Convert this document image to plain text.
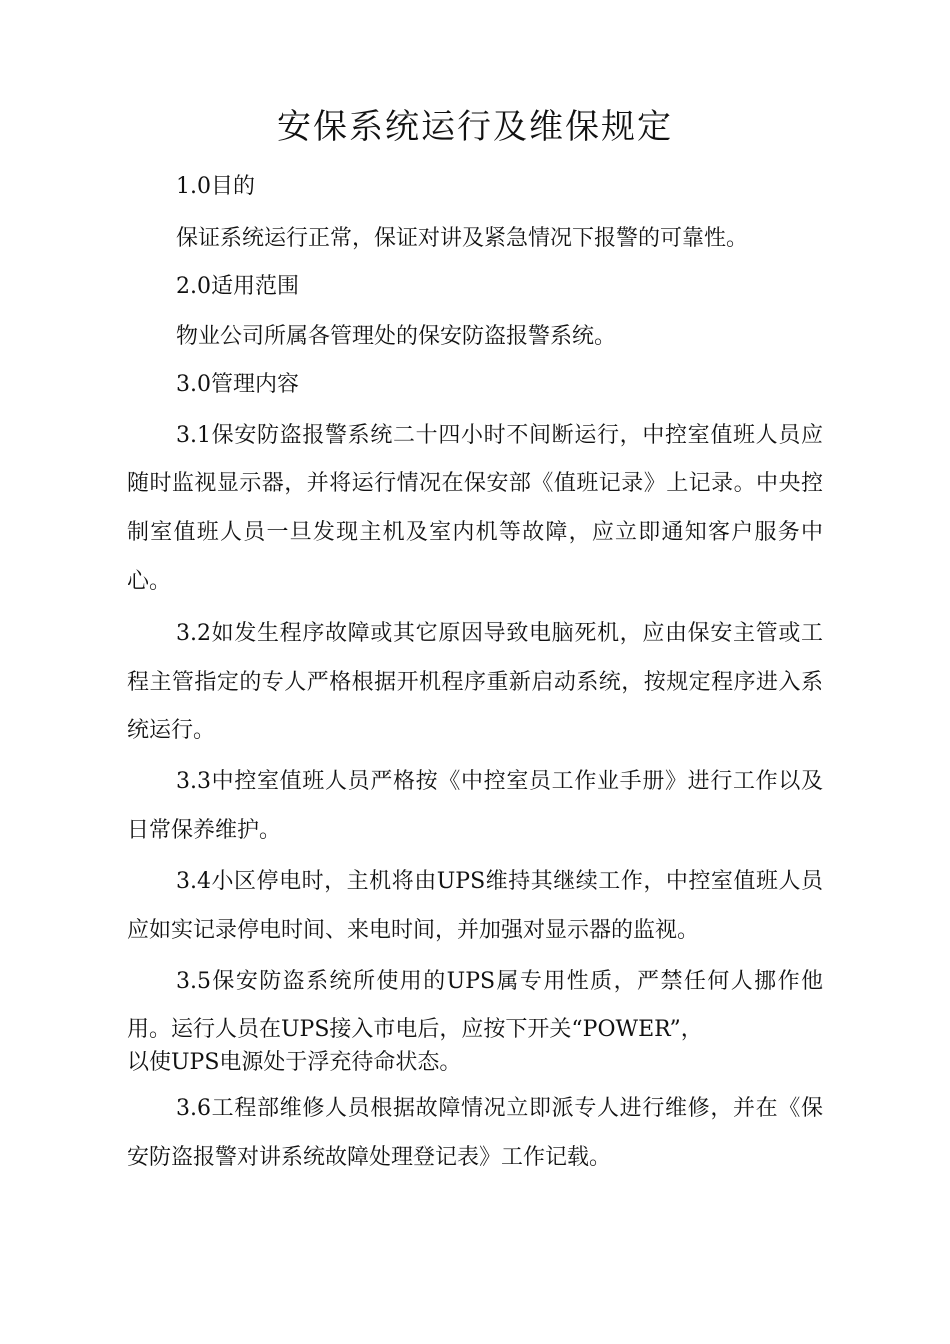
安保系统运行及维保规定
1.0目的
保证系统运行正常，保证对讲及紧急情况下报警的可靠性。
2.0适用范围
物业公司所属各管理处的保安防盗报警系统。
3.0管理内容
3.1保安防盗报警系统二十四小时不间断运行，中控室值班人员应
随时监视显示器，并将运行情况在保安部《值班记录》上记录。中央控
制室值班人员一旦发现主机及室内机等故障，应立即通知客户服务中
心。
3.2如发生程序故障或其它原因导致电脑死机，应由保安主管或工
程主管指定的专人严格根据开机程序重新启动系统，按规定程序进入系
统运行。
3.3中控室值班人员严格按《中控室员工作业手册》进行工作以及
日常保养维护。
3.4小区停电时，主机将由UPS维持其继续工作，中控室值班人员
应如实记录停电时间、来电时间，并加强对显示器的监视。
3.5保安防盗系统所使用的UPS属专用性质，严禁任何人挪作他
用。运行人员在UPS接入市电后，应按下开关“POWER”，
以使UPS电源处于浮充待命状态。
3.6工程部维修人员根据故障情况立即派专人进行维修，并在《保
安防盗报警对讲系统故障处理登记表》工作记载。
